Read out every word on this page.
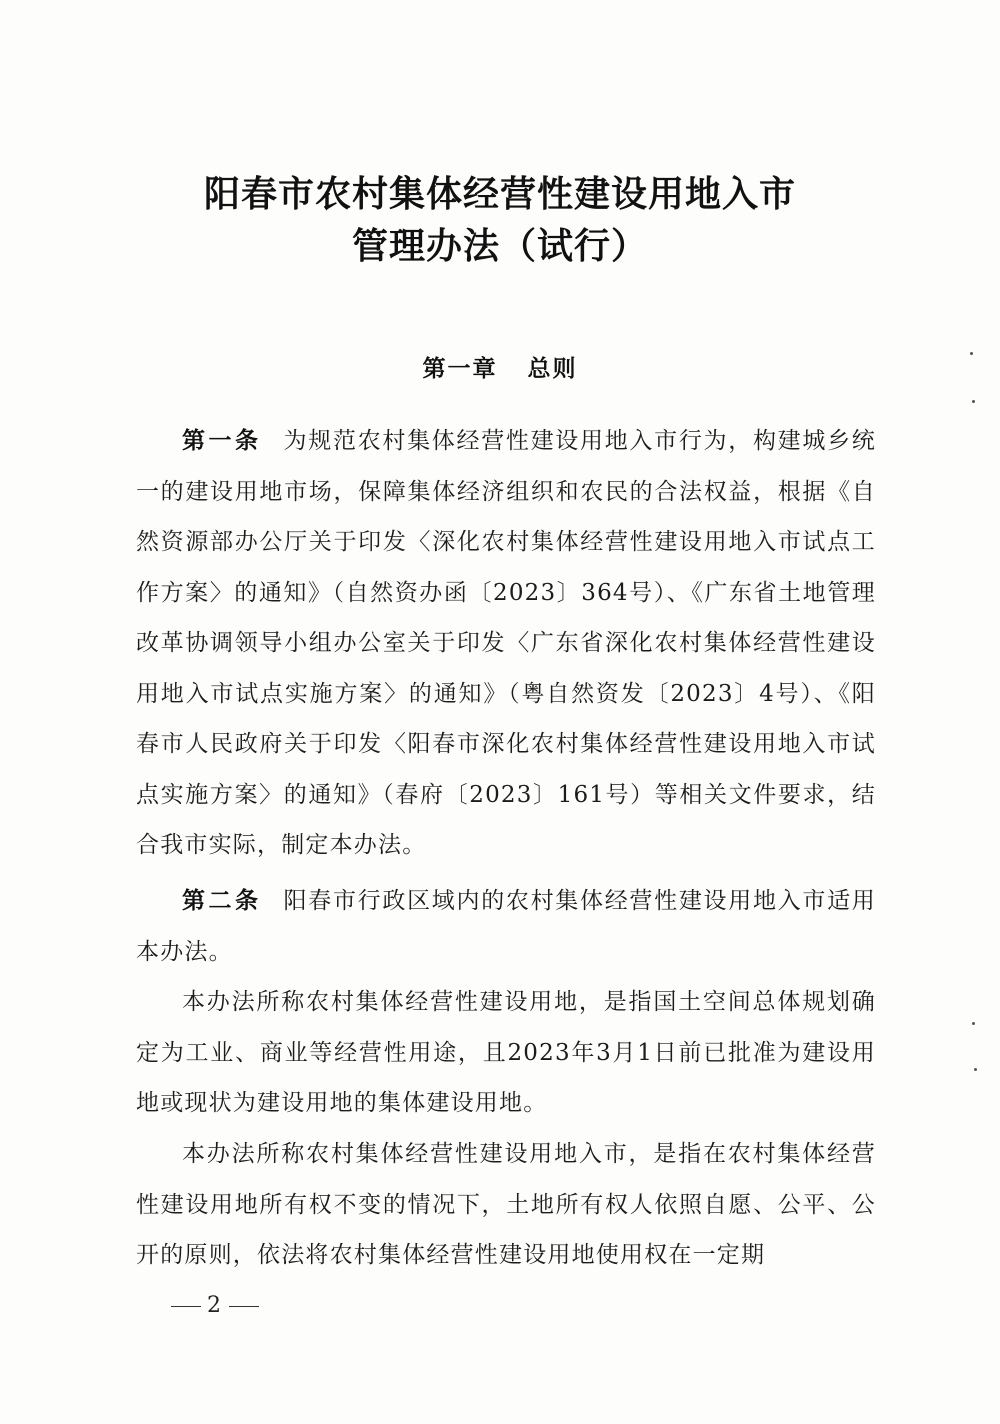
阳春市农村集体经营性建设用地入市
管理办法（试行）
第一章 总则

第一条 为规范农村集体经营性建设用地入市行为，构建城乡统一的建设用地市场，保障集体经济组织和农民的合法权益，根据《自然资源部办公厅关于印发〈深化农村集体经营性建设用地入市试点工作方案〉的通知》（自然资办函〔2023〕364号）、《广东省土地管理改革协调领导小组办公室关于印发〈广东省深化农村集体经营性建设用地入市试点实施方案〉的通知》（粤自然资发〔2023〕4号）、《阳春市人民政府关于印发〈阳春市深化农村集体经营性建设用地入市试点实施方案〉的通知》（春府〔2023〕161号）等相关文件要求，结合我市实际，制定本办法。

第二条 阳春市行政区域内的农村集体经营性建设用地入市适用本办法。

本办法所称农村集体经营性建设用地，是指国土空间总体规划确定为工业、商业等经营性用途，且2023年3月1日前已批准为建设用地或现状为建设用地的集体建设用地。

本办法所称农村集体经营性建设用地入市，是指在农村集体经营性建设用地所有权不变的情况下，土地所有权人依照自愿、公平、公开的原则，依法将农村集体经营性建设用地使用权在一定期

2
